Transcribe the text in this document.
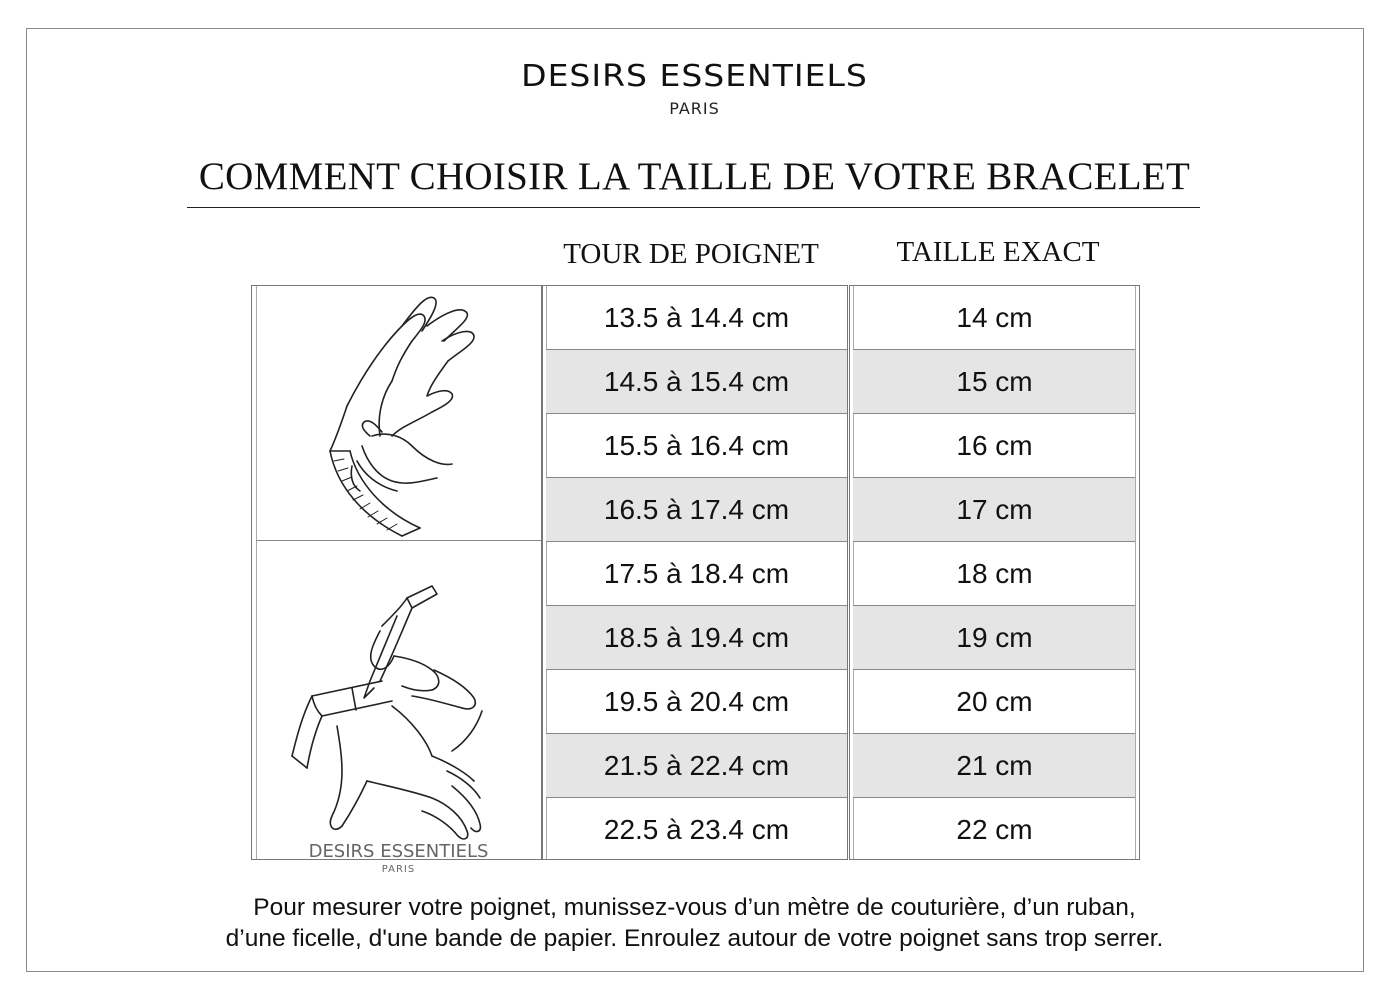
DESIRS ESSENTIELS
PARIS
COMMENT CHOISIR LA TAILLE DE VOTRE BRACELET
TOUR DE POIGNET	TAILLE EXACT
DESIRS ESSENTIELS
PARIS
13.5 à 14.4 cm
14.5 à 15.4 cm
15.5 à 16.4 cm
16.5 à 17.4 cm
17.5 à 18.4 cm
18.5 à 19.4 cm
19.5 à 20.4 cm
21.5 à 22.4 cm
22.5 à 23.4 cm
14 cm
15 cm
16 cm
17 cm
18 cm
19 cm
20 cm
21 cm
22 cm
Pour mesurer votre poignet, munissez-vous d’un mètre de couturière, d’un ruban,
d’une ficelle, d'une bande de papier. Enroulez autour de votre poignet sans trop serrer.
